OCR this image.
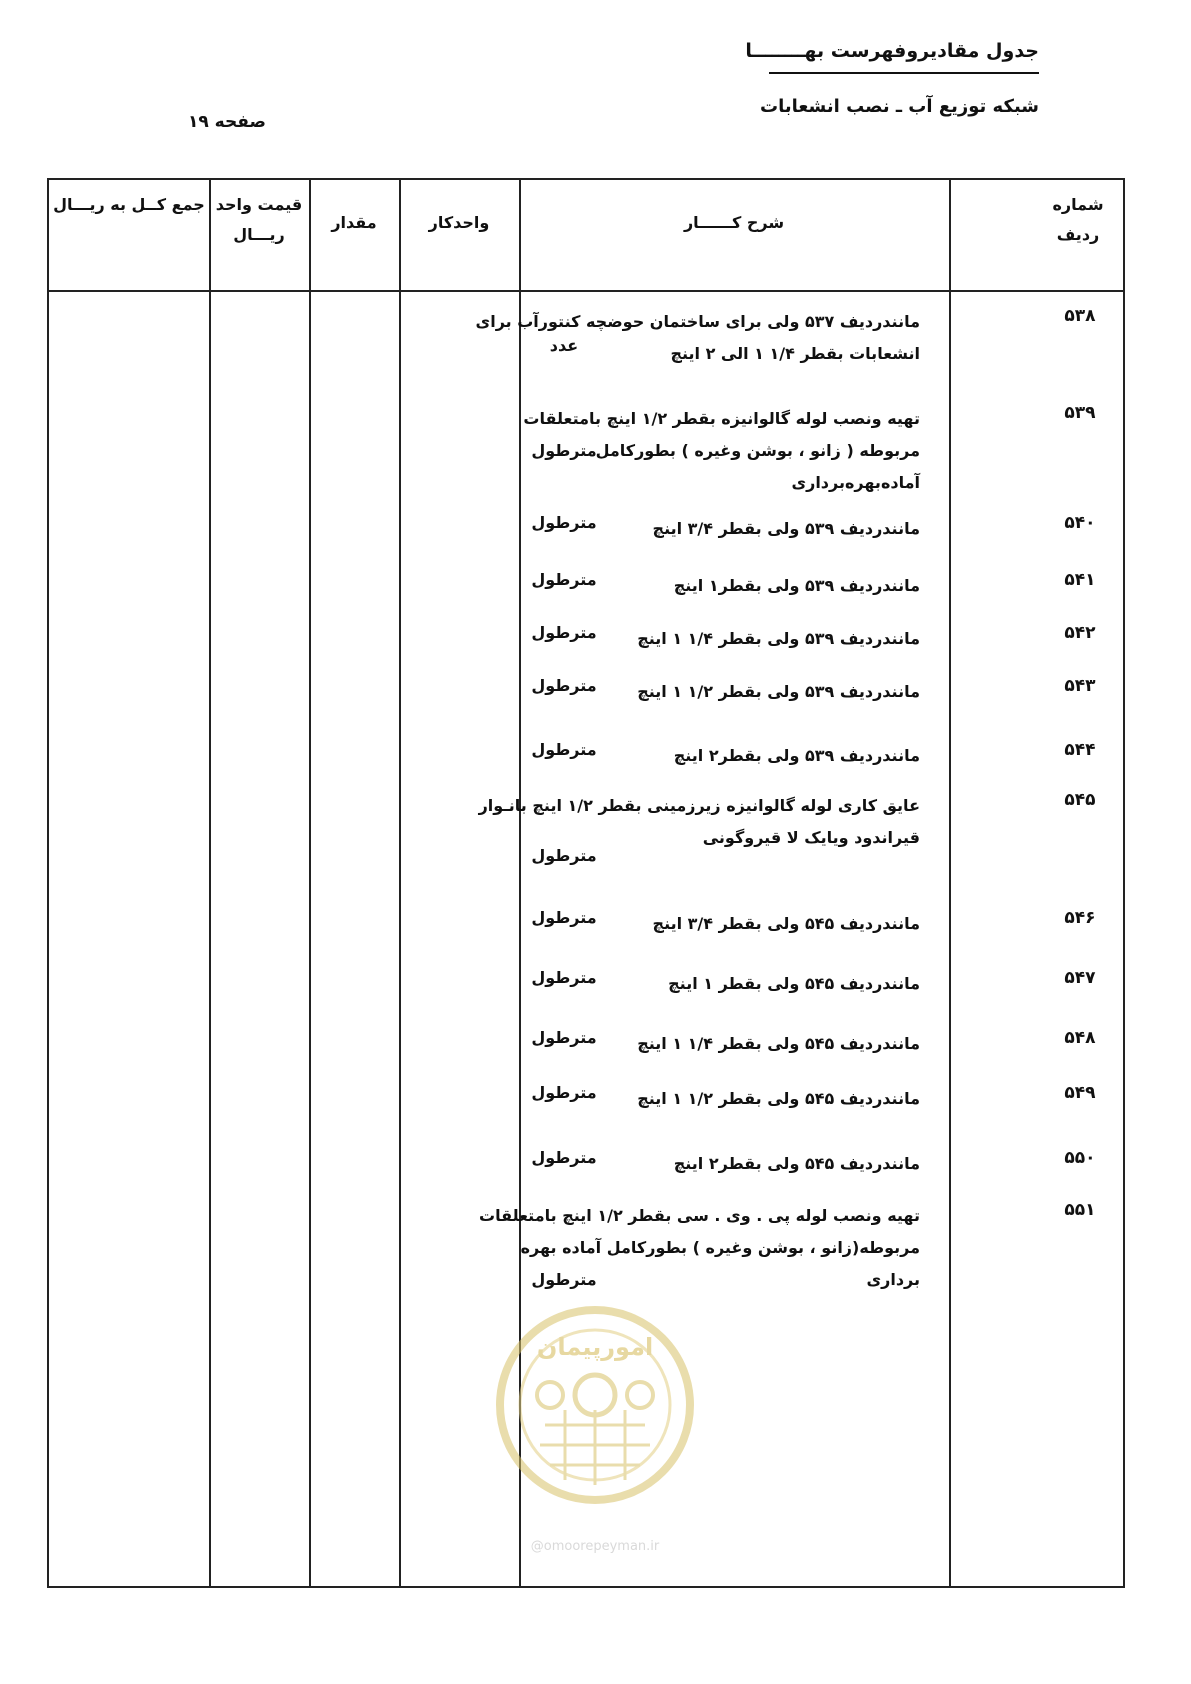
جدول مقادیروفهرست بهــــــــا
شبکه توزیع آب ـ نصب انشعابات
صفحه ۱۹
شماره ردیف
شرح کــــــار
واحدکار
مقدار
قیمت واحد ریـــال
جمع کــل به ریـــال
۵۳۸
مانندردیف ۵۳۷ ولی برای ساختمان حوضچه کنتورآب برای انشعابات بقطر ۱/۴ ۱ الی ۲ اینچ
عدد
۵۳۹
تهیه ونصب لوله گالوانیزه بقطر ۱/۲ اینچ بامتعلقات مربوطه ( زانو ، بوشن وغیره ) بطورکامل آماده‌بهره‌برداری
مترطول
۵۴۰
مانندردیف ۵۳۹ ولی بقطر ۳/۴ اینچ
مترطول
۵۴۱
مانندردیف ۵۳۹ ولی بقطر۱ اینچ
مترطول
۵۴۲
مانندردیف ۵۳۹ ولی بقطر ۱/۴ ۱ اینچ
مترطول
۵۴۳
مانندردیف ۵۳۹ ولی بقطر ۱/۲ ۱ اینچ
مترطول
۵۴۴
مانندردیف ۵۳۹ ولی بقطر۲ اینچ
مترطول
۵۴۵
عایق کاری لوله گالوانیزه زیرزمینی بقطر ۱/۲ اینچ بانـوار قیراندود ویایک لا قیروگونی
مترطول
۵۴۶
مانندردیف ۵۴۵ ولی بقطر ۳/۴ اینچ
مترطول
۵۴۷
مانندردیف ۵۴۵ ولی بقطر ۱ اینچ
مترطول
۵۴۸
مانندردیف ۵۴۵ ولی بقطر ۱/۴ ۱ اینچ
مترطول
۵۴۹
مانندردیف ۵۴۵ ولی بقطر ۱/۲ ۱ اینچ
مترطول
۵۵۰
مانندردیف ۵۴۵ ولی بقطر۲ اینچ
مترطول
۵۵۱
تهیه ونصب لوله پی . وی . سی بقطر ۱/۲ اینچ بامتعلقات مربوطه(زانو ، بوشن وغیره ) بطورکامل آماده بهره برداری
مترطول
امورپیمان
@omoorepeyman.ir
